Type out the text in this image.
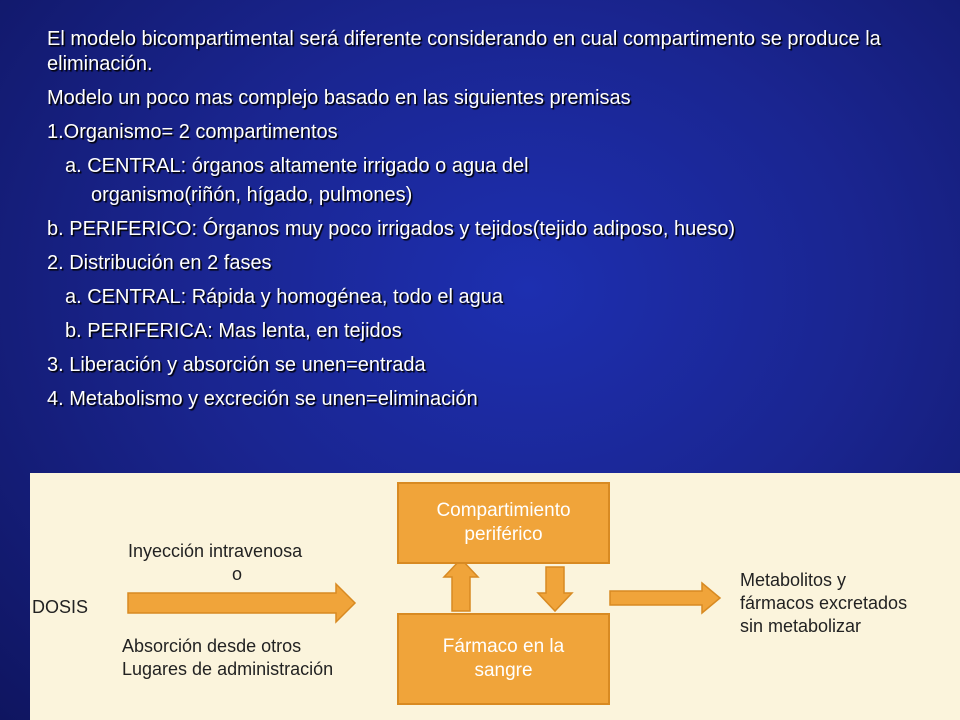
El modelo bicompartimental será diferente considerando en cual compartimento se produce la eliminación.
Modelo un poco mas complejo basado en las siguientes premisas
1.Organismo= 2 compartimentos
a. CENTRAL: órganos altamente irrigado o agua del
organismo(riñón, hígado, pulmones)
b. PERIFERICO: Órganos muy poco irrigados y tejidos(tejido adiposo, hueso)
2. Distribución en 2 fases
a. CENTRAL: Rápida y homogénea, todo el agua
b. PERIFERICA: Mas lenta, en tejidos
3. Liberación y absorción se unen=entrada
4. Metabolismo y excreción se unen=eliminación
DOSIS
Inyección intravenosa
o
Absorción desde otros
Lugares de administración
Compartimiento
periférico
Fármaco en la
sangre
Metabolitos y
fármacos excretados
sin metabolizar
